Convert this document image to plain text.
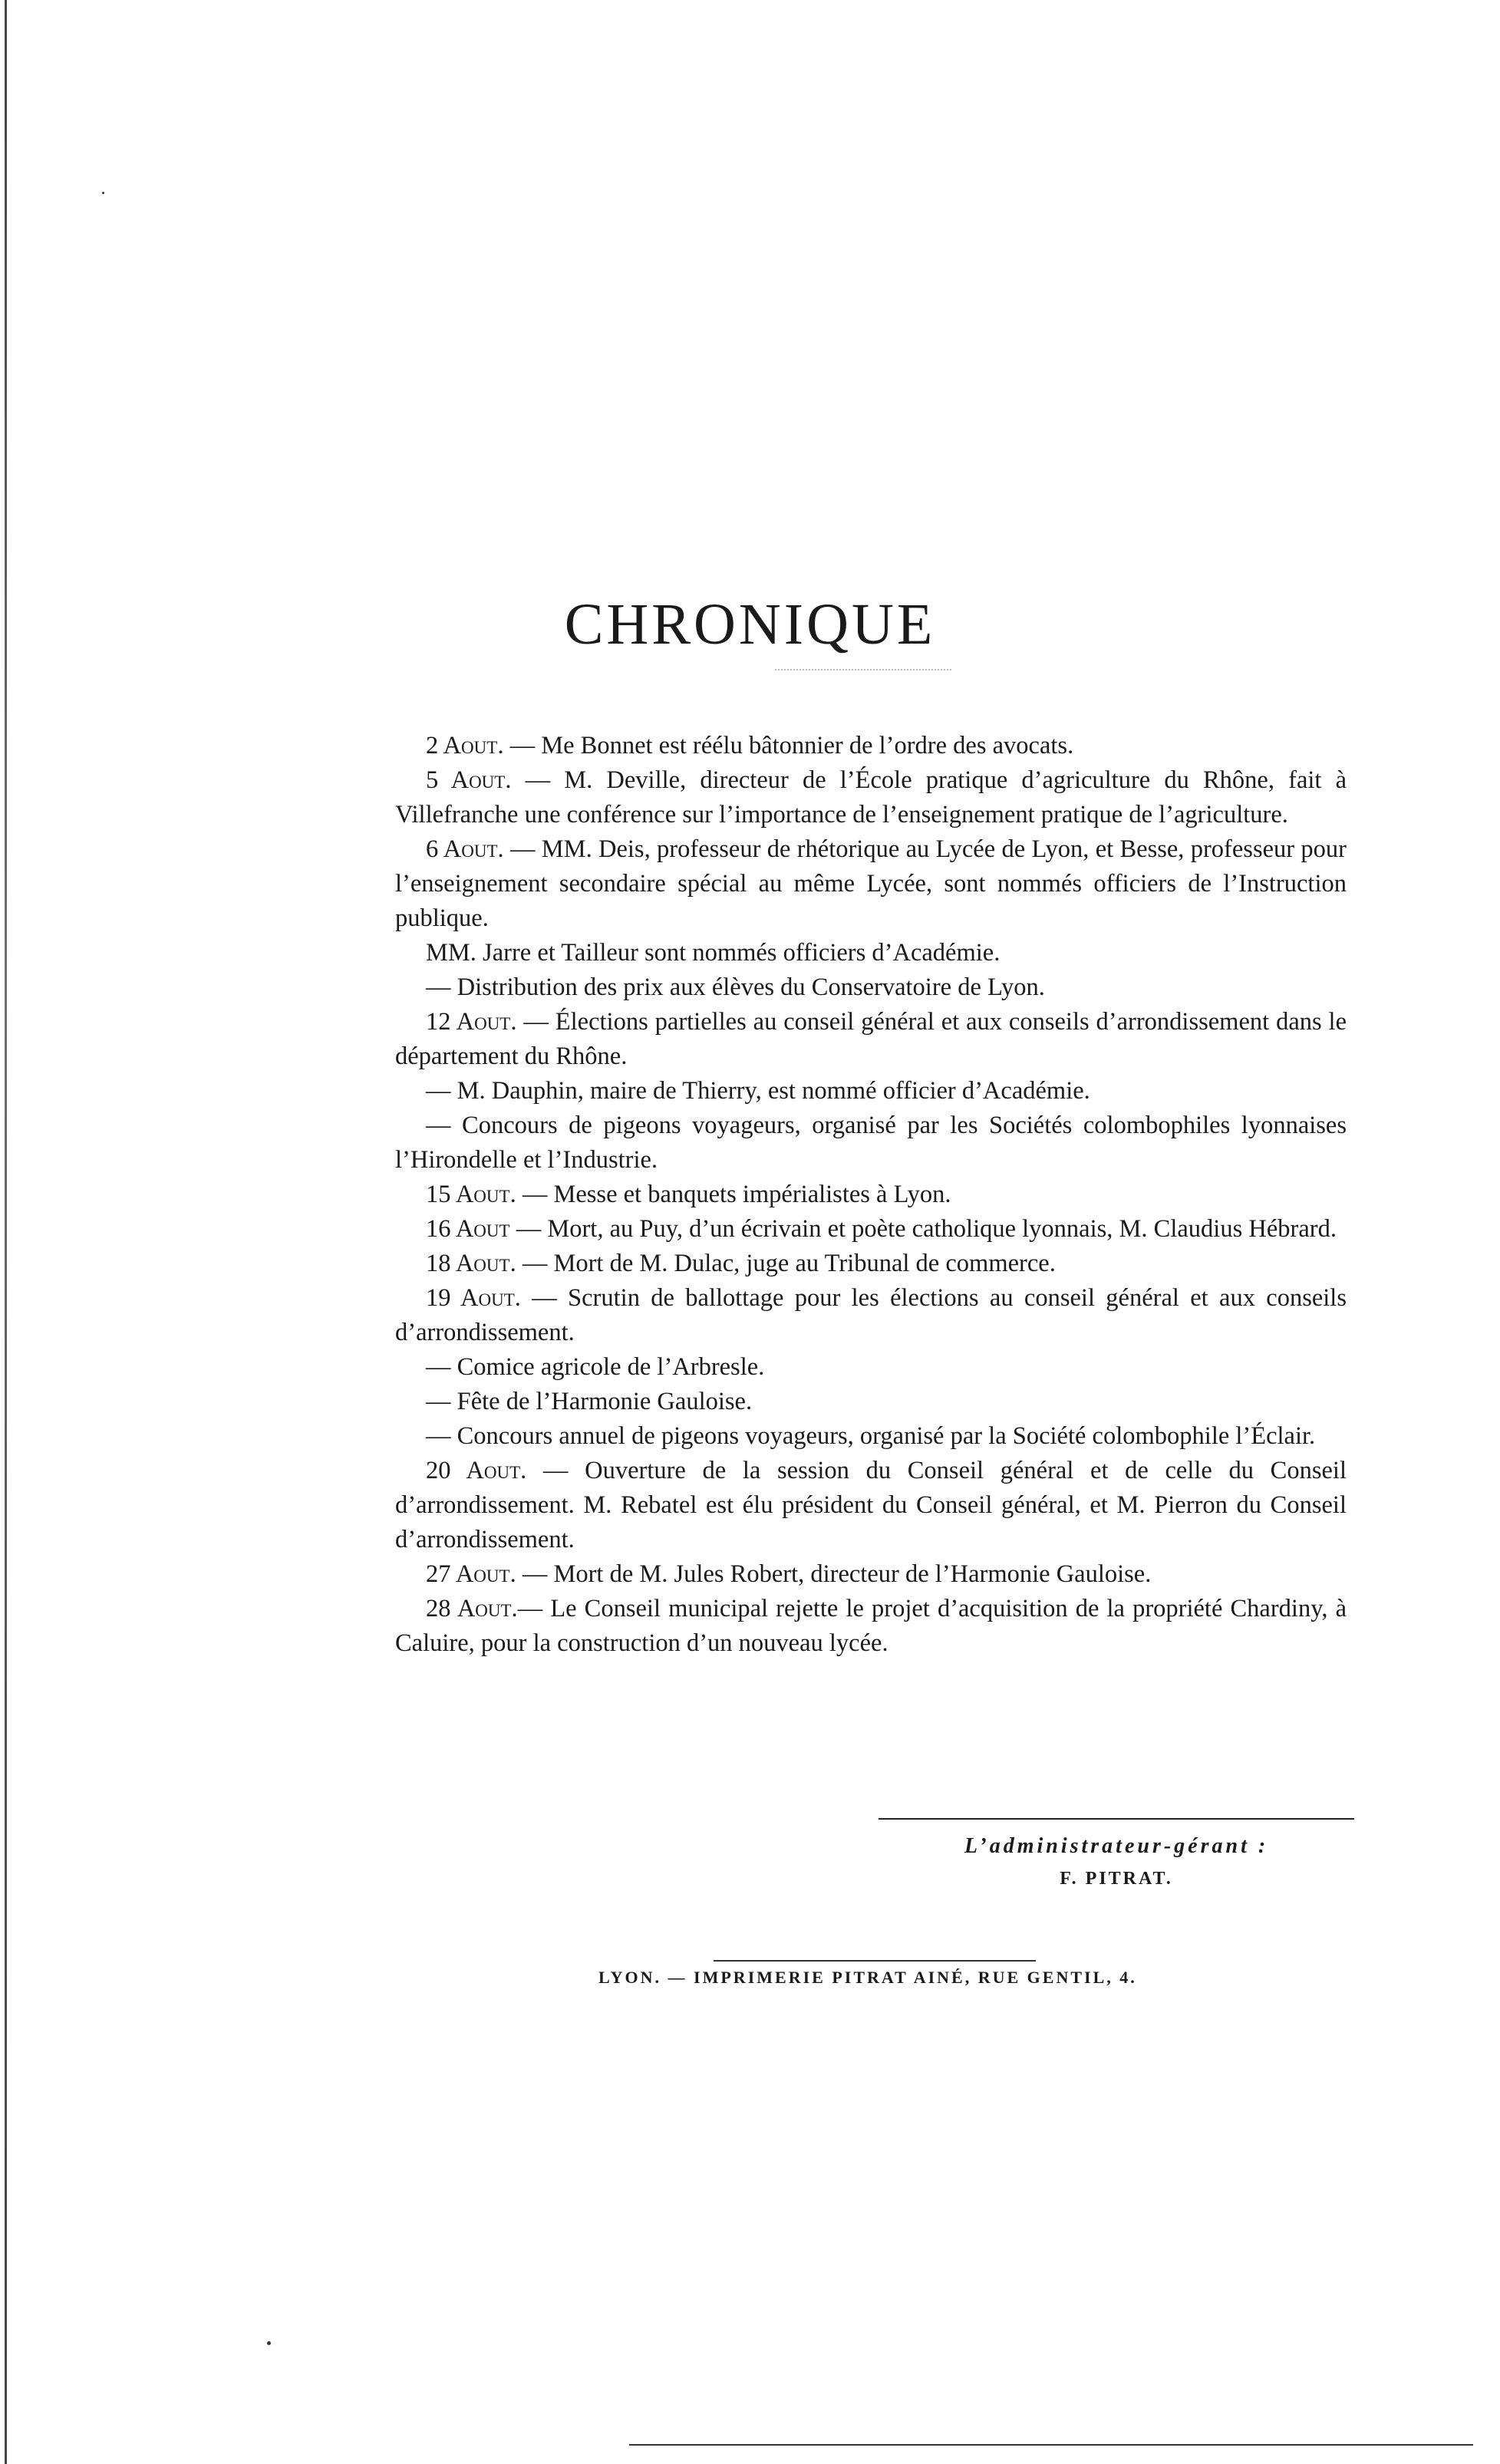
CHRONIQUE

2 Aout. — Me Bonnet est réélu bâtonnier de l’ordre des avocats.

5 Aout. — M. Deville, directeur de l’École pratique d’agriculture du Rhône, fait à Villefranche une conférence sur l’importance de l’enseignement pratique de l’agriculture.

6 Aout. — MM. Deis, professeur de rhétorique au Lycée de Lyon, et Besse, professeur pour l’enseignement secondaire spécial au même Lycée, sont nommés officiers de l’Instruction publique.

MM. Jarre et Tailleur sont nommés officiers d’Académie.

— Distribution des prix aux élèves du Conservatoire de Lyon.

12 Aout. — Élections partielles au conseil général et aux conseils d’arrondissement dans le département du Rhône.

— M. Dauphin, maire de Thierry, est nommé officier d’Académie.

— Concours de pigeons voyageurs, organisé par les Sociétés colombophiles lyonnaises l’Hirondelle et l’Industrie.

15 Aout. — Messe et banquets impérialistes à Lyon.

16 Aout — Mort, au Puy, d’un écrivain et poète catholique lyonnais, M. Claudius Hébrard.

18 Aout. — Mort de M. Dulac, juge au Tribunal de commerce.

19 Aout. — Scrutin de ballottage pour les élections au conseil général et aux conseils d’arrondissement.

— Comice agricole de l’Arbresle.

— Fête de l’Harmonie Gauloise.

— Concours annuel de pigeons voyageurs, organisé par la Société colombophile l’Éclair.

20 Aout. — Ouverture de la session du Conseil général et de celle du Conseil d’arrondissement. M. Rebatel est élu président du Conseil général, et M. Pierron du Conseil d’arrondissement.

27 Aout. — Mort de M. Jules Robert, directeur de l’Harmonie Gauloise.

28 Aout.— Le Conseil municipal rejette le projet d’acquisition de la propriété Chardiny, à Caluire, pour la construction d’un nouveau lycée.

L’administrateur-gérant :
F. PITRAT.
LYON. — IMPRIMERIE PITRAT AINÉ, RUE GENTIL, 4.
